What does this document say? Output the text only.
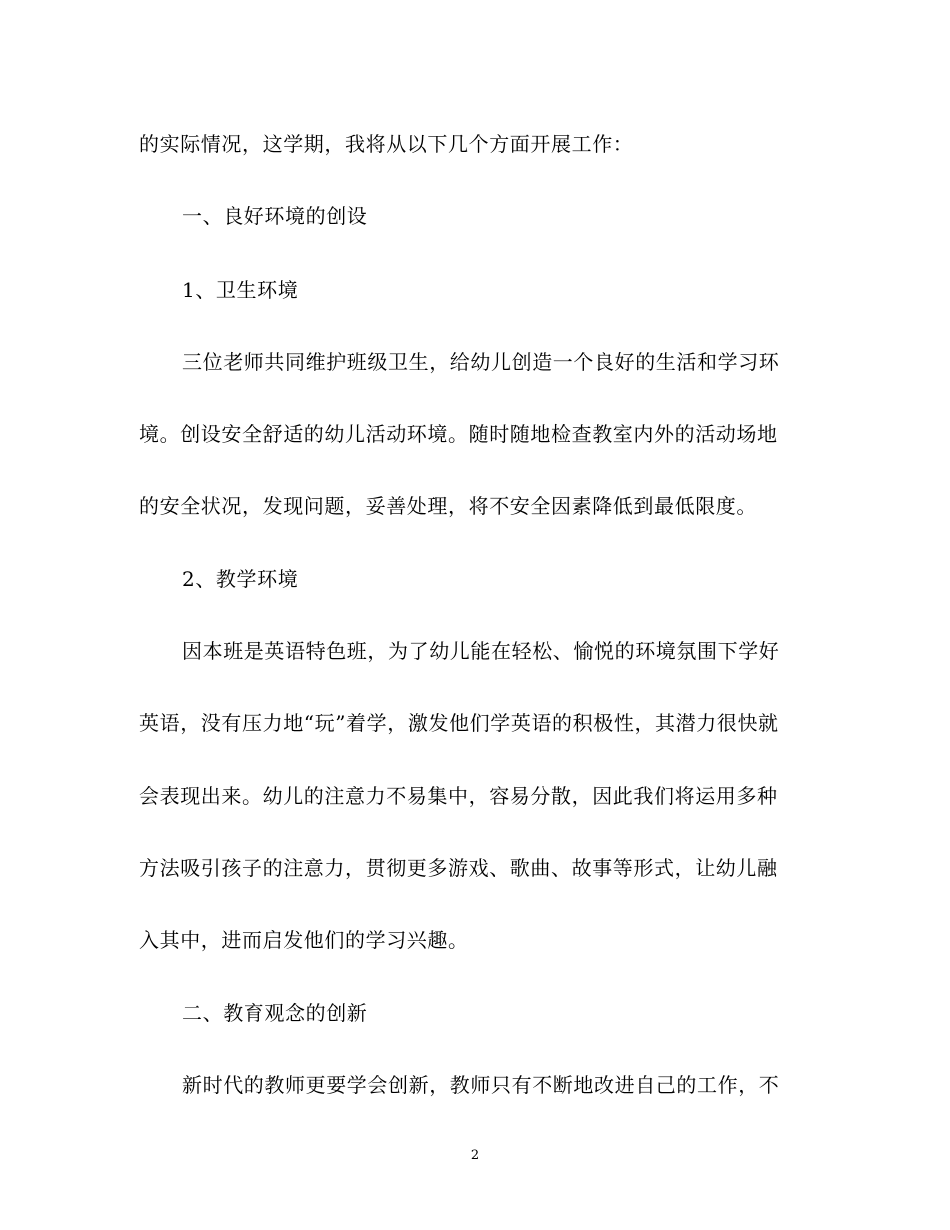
的实际情况，这学期，我将从以下几个方面开展工作：
一、良好环境的创设
1、卫生环境
三位老师共同维护班级卫生，给幼儿创造一个良好的生活和学习环
境。创设安全舒适的幼儿活动环境。随时随地检查教室内外的活动场地
的安全状况，发现问题，妥善处理，将不安全因素降低到最低限度。
2、教学环境
因本班是英语特色班，为了幼儿能在轻松、愉悦的环境氛围下学好
英语，没有压力地“玩”着学，激发他们学英语的积极性，其潜力很快就
会表现出来。幼儿的注意力不易集中，容易分散，因此我们将运用多种
方法吸引孩子的注意力，贯彻更多游戏、歌曲、故事等形式，让幼儿融
入其中，进而启发他们的学习兴趣。
二、教育观念的创新
新时代的教师更要学会创新，教师只有不断地改进自己的工作，不
2
